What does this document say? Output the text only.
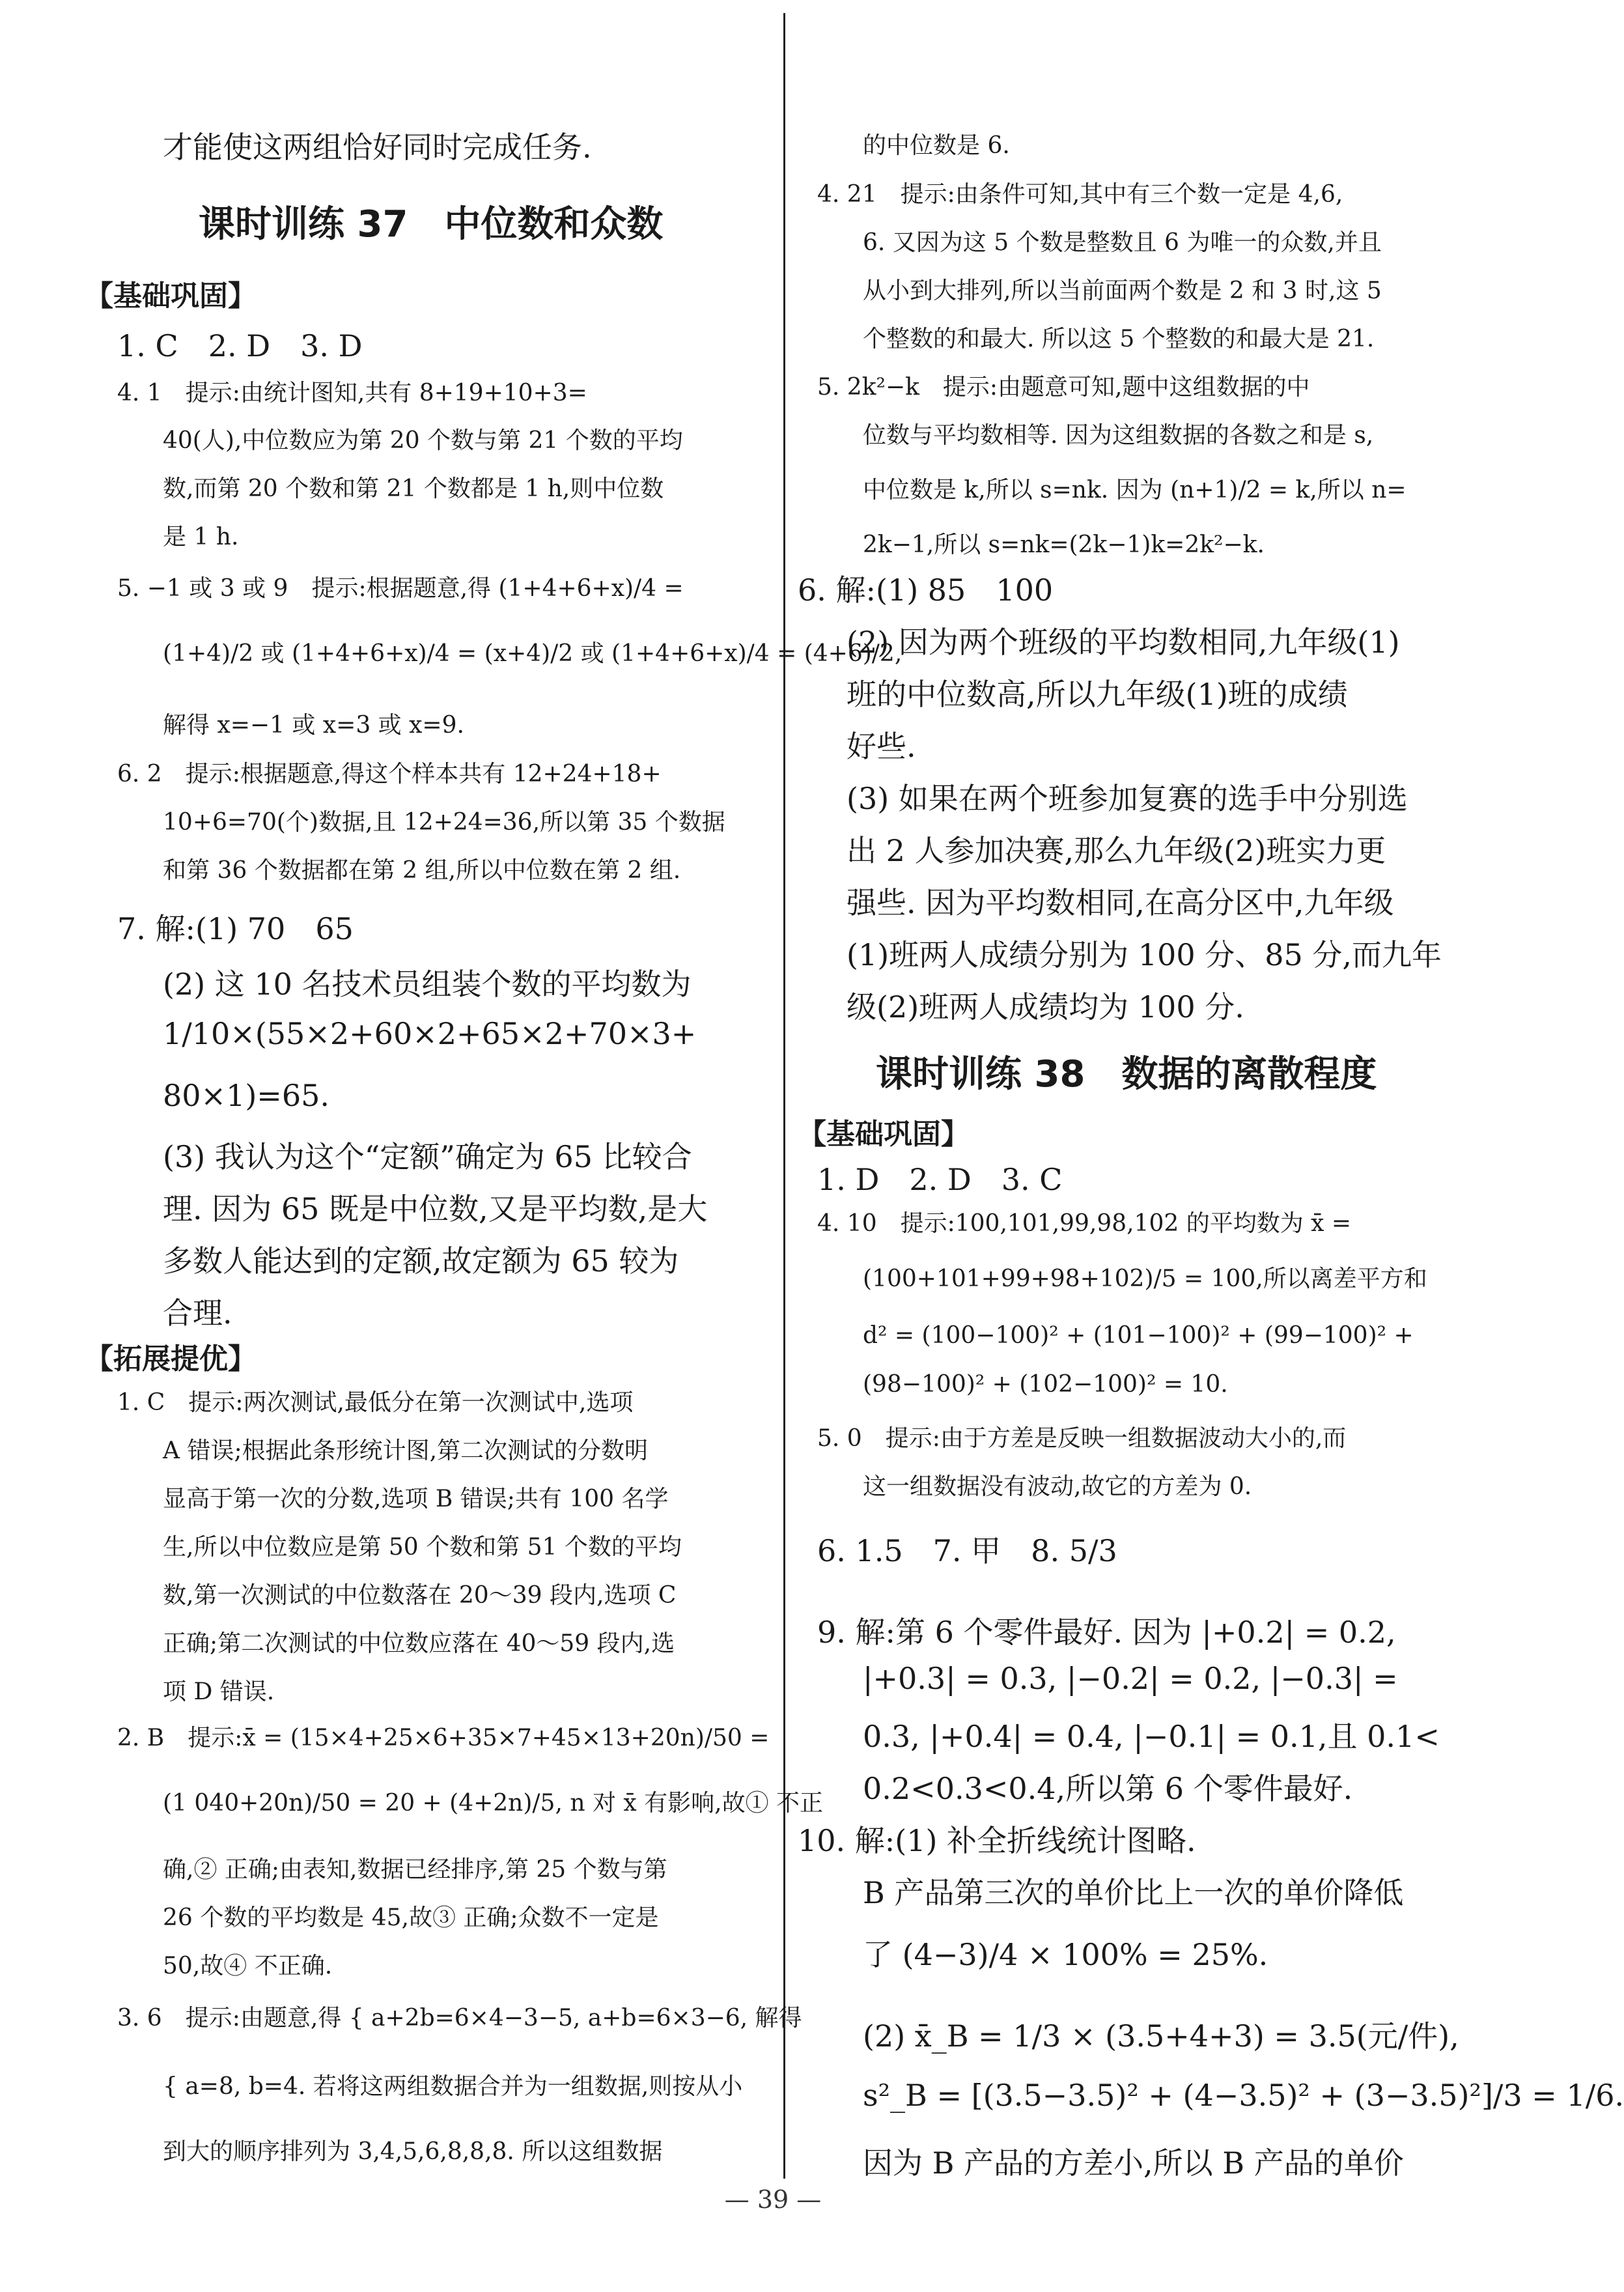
才能使这两组恰好同时完成任务.
课时训练 37　中位数和众数
【基础巩固】
1. C　2. D　3. D
4. 1　提示:由统计图知,共有 8+19+10+3=
40(人),中位数应为第 20 个数与第 21 个数的平均
数,而第 20 个数和第 21 个数都是 1 h,则中位数
是 1 h.
5. −1 或 3 或 9　提示:根据题意,得 (1+4+6+x)/4 =
(1+4)/2 或 (1+4+6+x)/4 = (x+4)/2 或 (1+4+6+x)/4 = (4+6)/2,
解得 x=−1 或 x=3 或 x=9.
6. 2　提示:根据题意,得这个样本共有 12+24+18+
10+6=70(个)数据,且 12+24=36,所以第 35 个数据
和第 36 个数据都在第 2 组,所以中位数在第 2 组.
7. 解:(1) 70　65
(2) 这 10 名技术员组装个数的平均数为
1/10×(55×2+60×2+65×2+70×3+
80×1)=65.
(3) 我认为这个“定额”确定为 65 比较合
理. 因为 65 既是中位数,又是平均数,是大
多数人能达到的定额,故定额为 65 较为
合理.
【拓展提优】
1. C　提示:两次测试,最低分在第一次测试中,选项
A 错误;根据此条形统计图,第二次测试的分数明
显高于第一次的分数,选项 B 错误;共有 100 名学
生,所以中位数应是第 50 个数和第 51 个数的平均
数,第一次测试的中位数落在 20～39 段内,选项 C
正确;第二次测试的中位数应落在 40～59 段内,选
项 D 错误.
2. B　提示:x̄ = (15×4+25×6+35×7+45×13+20n)/50 =
(1 040+20n)/50 = 20 + (4+2n)/5, n 对 x̄ 有影响,故① 不正
确,② 正确;由表知,数据已经排序,第 25 个数与第
26 个数的平均数是 45,故③ 正确;众数不一定是
50,故④ 不正确.
3. 6　提示:由题意,得 { a+2b=6×4−3−5, a+b=6×3−6, 解得
{ a=8, b=4. 若将这两组数据合并为一组数据,则按从小
到大的顺序排列为 3,4,5,6,8,8,8. 所以这组数据
的中位数是 6.
4. 21　提示:由条件可知,其中有三个数一定是 4,6,
6. 又因为这 5 个数是整数且 6 为唯一的众数,并且
从小到大排列,所以当前面两个数是 2 和 3 时,这 5
个整数的和最大. 所以这 5 个整数的和最大是 21.
5. 2k²−k　提示:由题意可知,题中这组数据的中
位数与平均数相等. 因为这组数据的各数之和是 s,
中位数是 k,所以 s=nk. 因为 (n+1)/2 = k,所以 n=
2k−1,所以 s=nk=(2k−1)k=2k²−k.
6. 解:(1) 85　100
(2) 因为两个班级的平均数相同,九年级(1)
班的中位数高,所以九年级(1)班的成绩
好些.
(3) 如果在两个班参加复赛的选手中分别选
出 2 人参加决赛,那么九年级(2)班实力更
强些. 因为平均数相同,在高分区中,九年级
(1)班两人成绩分别为 100 分、85 分,而九年
级(2)班两人成绩均为 100 分.
课时训练 38　数据的离散程度
【基础巩固】
1. D　2. D　3. C
4. 10　提示:100,101,99,98,102 的平均数为 x̄ =
(100+101+99+98+102)/5 = 100,所以离差平方和
d² = (100−100)² + (101−100)² + (99−100)² +
(98−100)² + (102−100)² = 10.
5. 0　提示:由于方差是反映一组数据波动大小的,而
这一组数据没有波动,故它的方差为 0.
6. 1.5　7. 甲　8. 5/3
9. 解:第 6 个零件最好. 因为 |+0.2| = 0.2,
|+0.3| = 0.3, |−0.2| = 0.2, |−0.3| =
0.3, |+0.4| = 0.4, |−0.1| = 0.1,且 0.1<
0.2<0.3<0.4,所以第 6 个零件最好.
10. 解:(1) 补全折线统计图略.
B 产品第三次的单价比上一次的单价降低
了 (4−3)/4 × 100% = 25%.
(2) x̄_B = 1/3 × (3.5+4+3) = 3.5(元/件),
s²_B = [(3.5−3.5)² + (4−3.5)² + (3−3.5)²]/3 = 1/6.
因为 B 产品的方差小,所以 B 产品的单价
— 39 —
